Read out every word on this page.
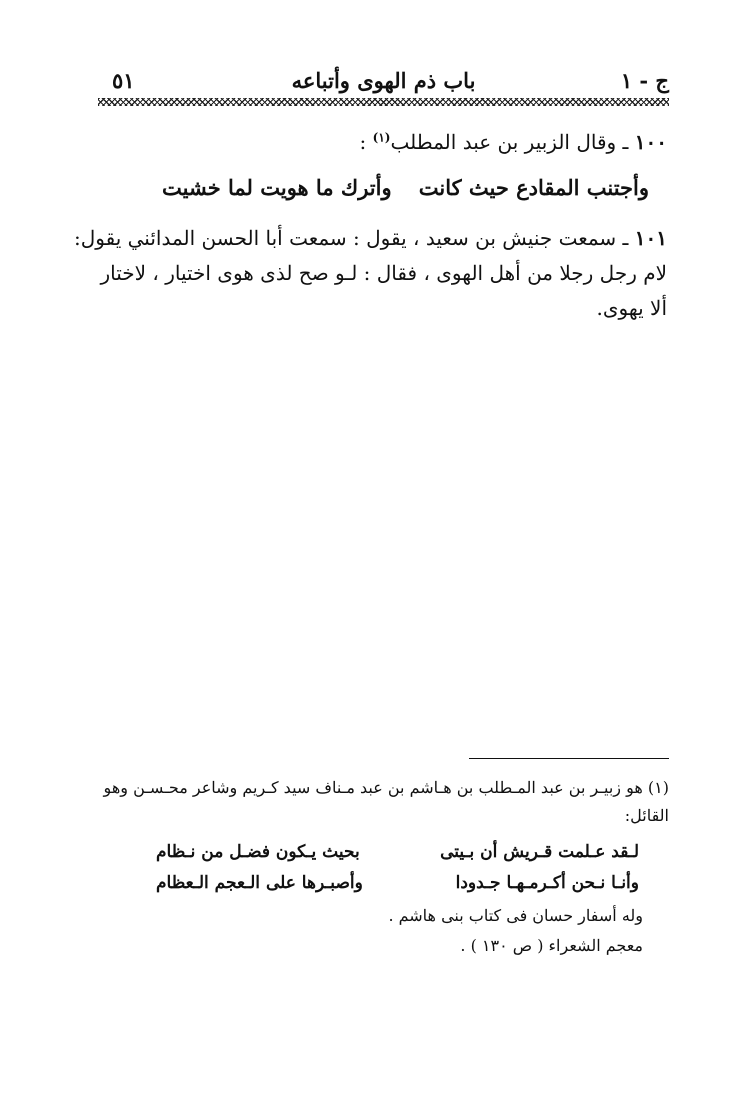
ج - ١
باب ذم الهوى وأتباعه
٥١
١٠٠ ـ وقال الزبير بن عبد المطلب$^{(١)}$ :
وأجتنب المقادع حيث كانت
وأترك ما هويت لما خشيت
١٠١ ـ سمعت جنيش بن سعيد ، يقول : سمعت أبا الحسن المدائني يقول:
لام رجل رجلا من أهل الهوى ، فقال : لـو صح لذى هوى اختيار ، لاختار
ألا يهوى.
(١) هو زبيـر بن عبد المـطلب بن هـاشم بن عبد مـناف سيد كـريم وشاعر محـسـن وهو
القائل:
لـقد عـلمت قـريش أن بـيتى
بحيث يـكون فضـل من نـظام
وأنـا نـحن أكـرمـهـا جـدودا
وأصبـرها على الـعجم الـعظام
وله أسفار حسان فى كتاب بنى هاشم .
معجم الشعراء ( ص ١٣٠ ) .
